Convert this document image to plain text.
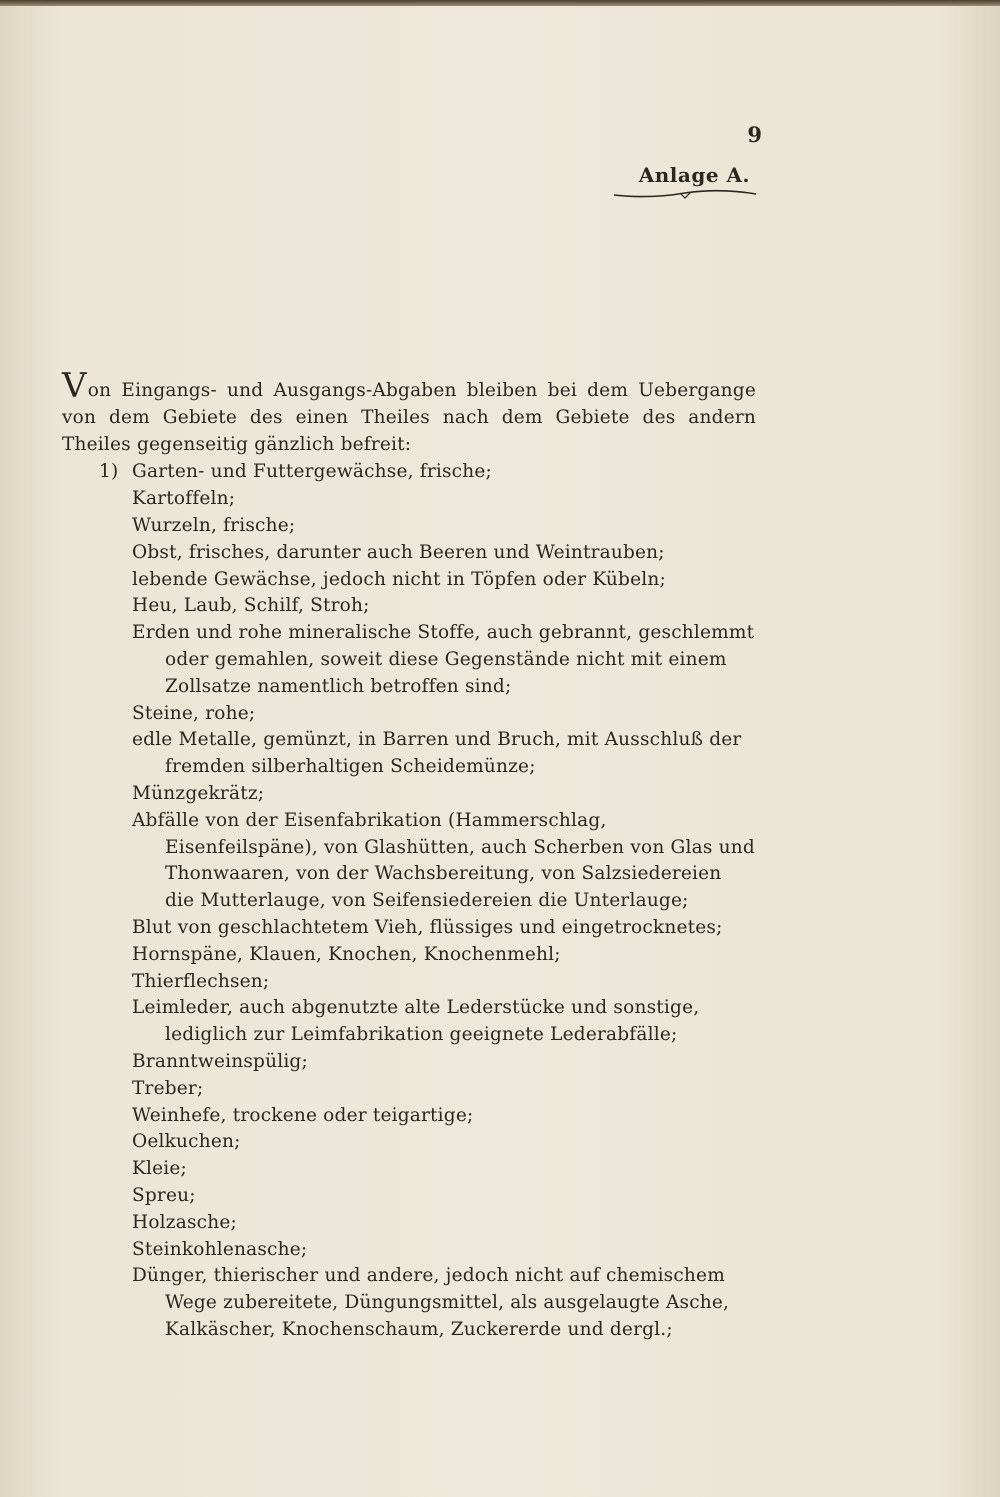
9
Anlage A.

Von Eingangs- und Ausgangs-Abgaben bleiben bei dem Uebergange von dem Gebiete des einen Theiles nach dem Gebiete des andern Theiles gegenseitig gänzlich befreit:

1) Garten- und Futtergewächse, frische;
Kartoffeln;
Wurzeln, frische;
Obst, frisches, darunter auch Beeren und Weintrauben;
lebende Gewächse, jedoch nicht in Töpfen oder Kübeln;
Heu, Laub, Schilf, Stroh;
Erden und rohe mineralische Stoffe, auch gebrannt, geschlemmt oder gemahlen, soweit diese Gegenstände nicht mit einem Zollsatze namentlich betroffen sind;
Steine, rohe;
edle Metalle, gemünzt, in Barren und Bruch, mit Ausschluß der fremden silberhaltigen Scheidemünze;
Münzgekrätz;
Abfälle von der Eisenfabrikation (Hammerschlag, Eisenfeilspäne), von Glashütten, auch Scherben von Glas und Thonwaaren, von der Wachsbereitung, von Salzsiedereien die Mutterlauge, von Seifensiedereien die Unterlauge;
Blut von geschlachtetem Vieh, flüssiges und eingetrocknetes;
Hornspäne, Klauen, Knochen, Knochenmehl;
Thierflechsen;
Leimleder, auch abgenutzte alte Lederstücke und sonstige, lediglich zur Leimfabrikation geeignete Lederabfälle;
Branntweinspülig;
Treber;
Weinhefe, trockene oder teigartige;
Oelkuchen;
Kleie;
Spreu;
Holzasche;
Steinkohlenasche;
Dünger, thierischer und andere, jedoch nicht auf chemischem Wege zubereitete, Düngungsmittel, als ausgelaugte Asche, Kalkäscher, Knochenschaum, Zuckererde und dergl.;
